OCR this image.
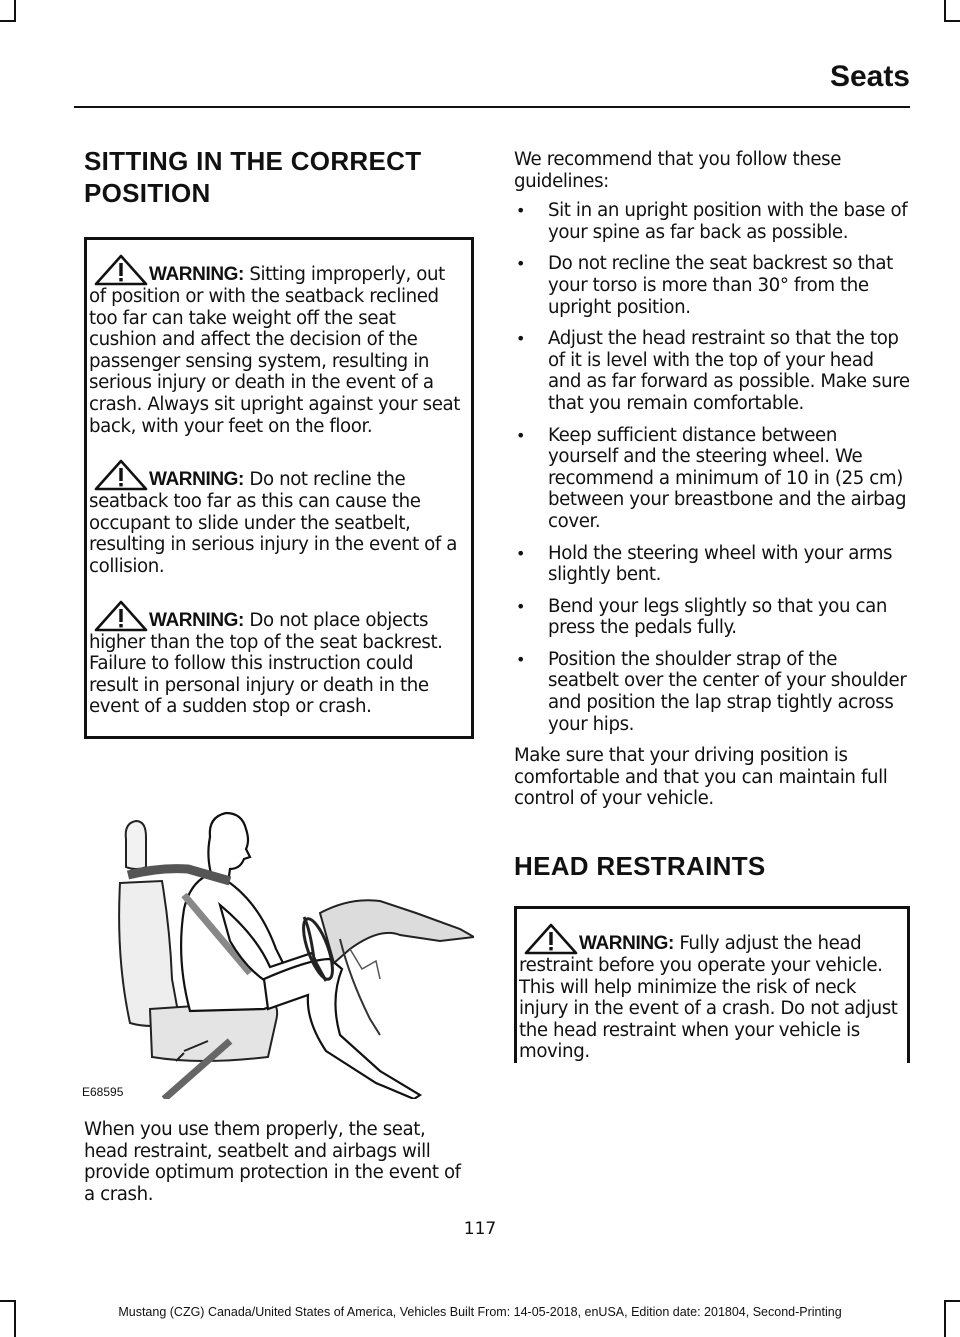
Seats
SITTING IN THE CORRECT POSITION

WARNING: Sitting improperly, out of position or with the seatback reclined too far can take weight off the seat cushion and affect the decision of the passenger sensing system, resulting in serious injury or death in the event of a crash. Always sit upright against your seat back, with your feet on the floor.

WARNING: Do not recline the seatback too far as this can cause the occupant to slide under the seatbelt, resulting in serious injury in the event of a collision.

WARNING: Do not place objects higher than the top of the seat backrest. Failure to follow this instruction could result in personal injury or death in the event of a sudden stop or crash.

E68595

When you use them properly, the seat, head restraint, seatbelt and airbags will provide optimum protection in the event of a crash.

We recommend that you follow these guidelines:

• Sit in an upright position with the base of your spine as far back as possible.
• Do not recline the seat backrest so that your torso is more than 30° from the upright position.
• Adjust the head restraint so that the top of it is level with the top of your head and as far forward as possible. Make sure that you remain comfortable.
• Keep sufficient distance between yourself and the steering wheel. We recommend a minimum of 10 in (25 cm) between your breastbone and the airbag cover.
• Hold the steering wheel with your arms slightly bent.
• Bend your legs slightly so that you can press the pedals fully.
• Position the shoulder strap of the seatbelt over the center of your shoulder and position the lap strap tightly across your hips.

Make sure that your driving position is comfortable and that you can maintain full control of your vehicle.

HEAD RESTRAINTS

WARNING: Fully adjust the head restraint before you operate your vehicle. This will help minimize the risk of neck injury in the event of a crash. Do not adjust the head restraint when your vehicle is moving.

117
Mustang (CZG) Canada/United States of America, Vehicles Built From: 14-05-2018, enUSA, Edition date: 201804, Second-Printing
